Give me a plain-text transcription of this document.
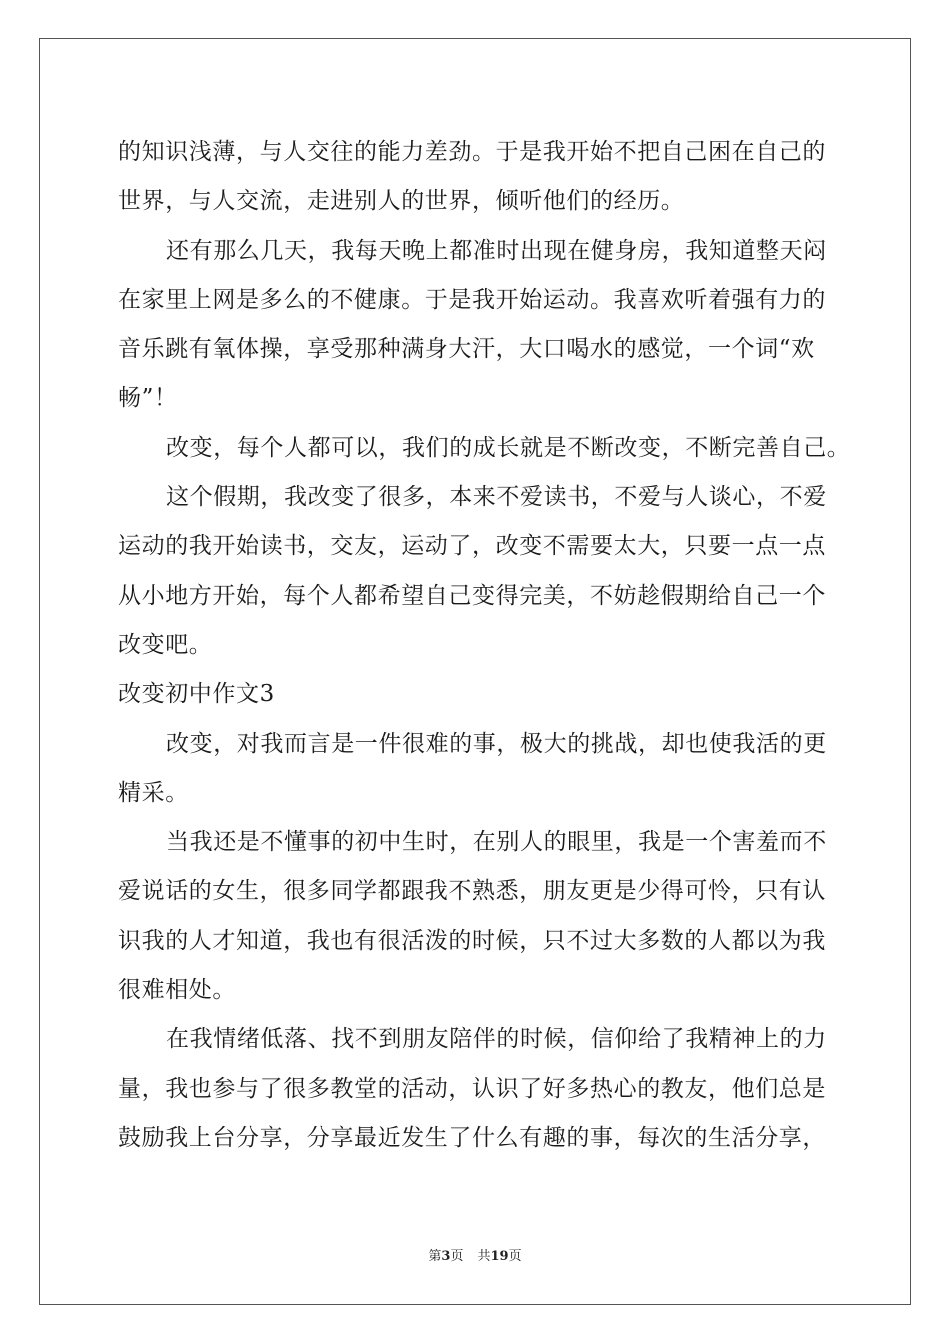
的知识浅薄，与人交往的能力差劲。于是我开始不把自己困在自己的
世界，与人交流，走进别人的世界，倾听他们的经历。
还有那么几天，我每天晚上都准时出现在健身房，我知道整天闷
在家里上网是多么的不健康。于是我开始运动。我喜欢听着强有力的
音乐跳有氧体操，享受那种满身大汗，大口喝水的感觉，一个词“欢
畅”！
改变，每个人都可以，我们的成长就是不断改变，不断完善自己。
这个假期，我改变了很多，本来不爱读书，不爱与人谈心，不爱
运动的我开始读书，交友，运动了，改变不需要太大，只要一点一点
从小地方开始，每个人都希望自己变得完美，不妨趁假期给自己一个
改变吧。
改变初中作文3
改变，对我而言是一件很难的事，极大的挑战，却也使我活的更
精采。
当我还是不懂事的初中生时，在别人的眼里，我是一个害羞而不
爱说话的女生，很多同学都跟我不熟悉，朋友更是少得可怜，只有认
识我的人才知道，我也有很活泼的时候，只不过大多数的人都以为我
很难相处。
在我情绪低落、找不到朋友陪伴的时候，信仰给了我精神上的力
量，我也参与了很多教堂的活动，认识了好多热心的教友，他们总是
鼓励我上台分享，分享最近发生了什么有趣的事，每次的生活分享，
第3页 共19页
